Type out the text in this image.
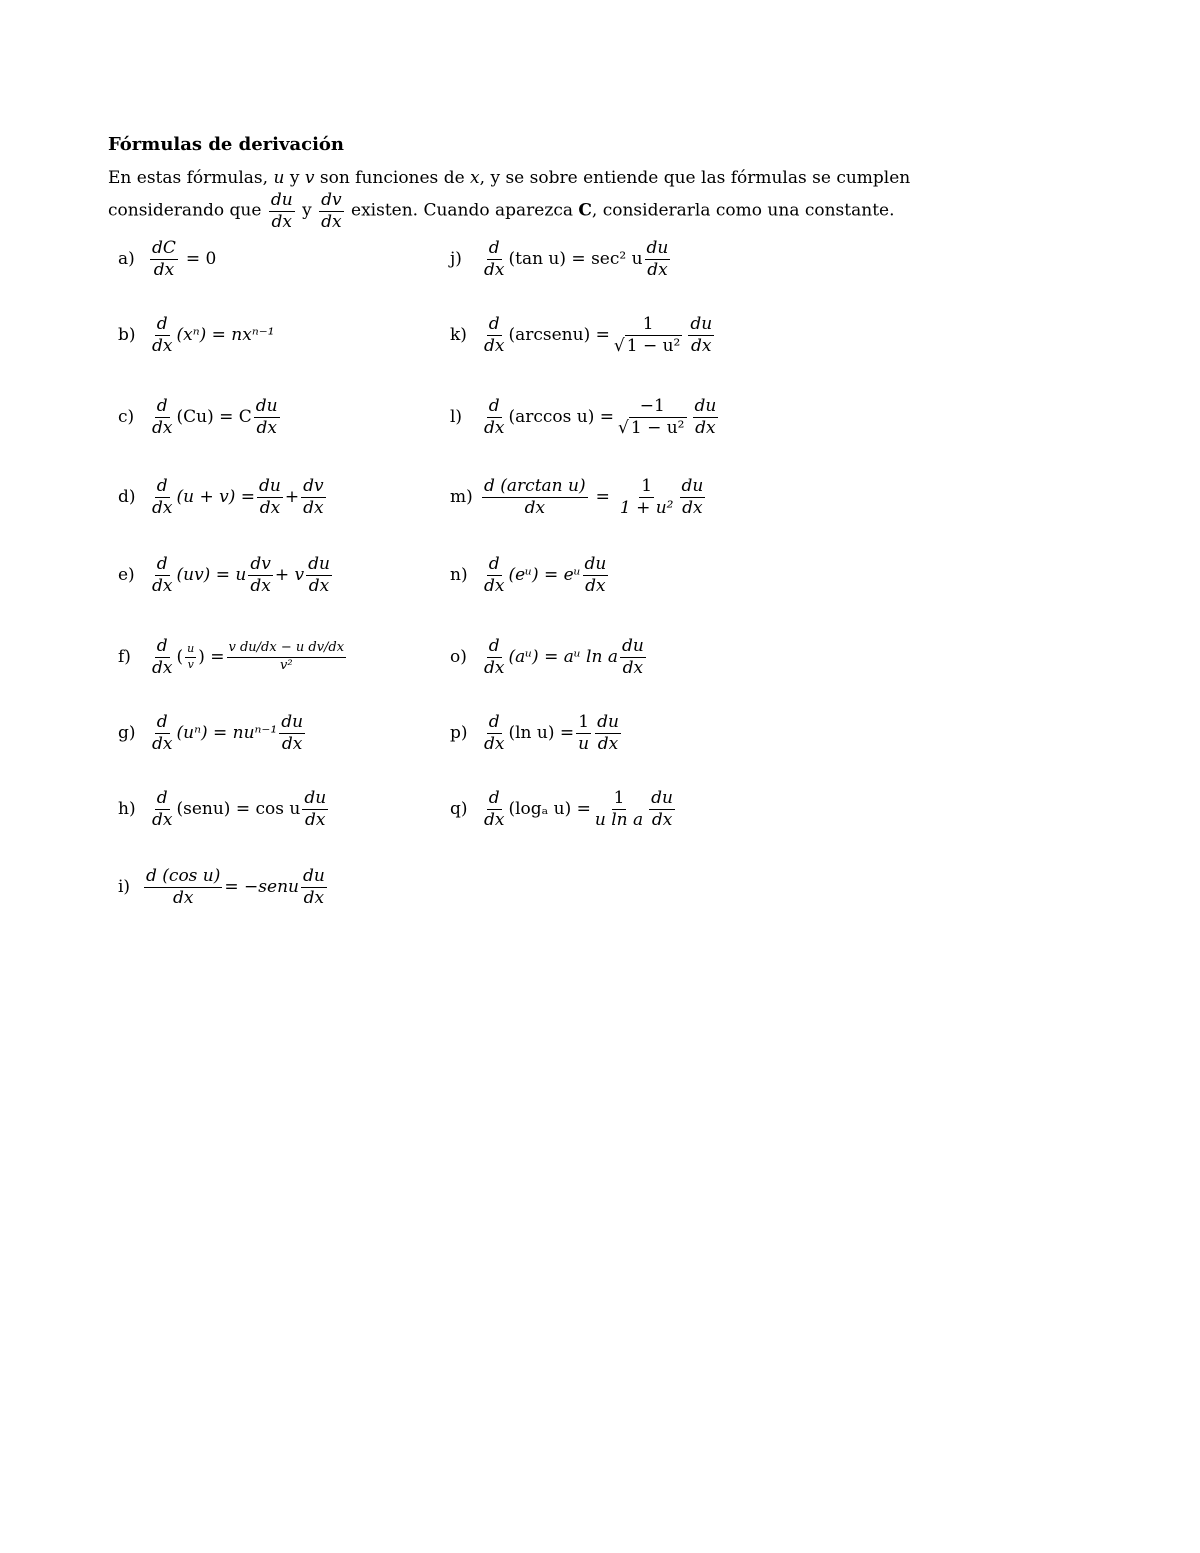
Fórmulas de derivación
En estas fórmulas, u y v son funciones de x, y se sobre entiende que las fórmulas se cumplen
considerando que $\frac{du}{dx}$ y $\frac{dv}{dx}$ existen. Cuando aparezca C, considerarla como una constante.
$a) \frac{dC}{dx} = 0$
$b) \frac{d}{dx} (x^n) = nx^{n-1}$
$c) \frac{d}{dx} (Cu) = C \frac{du}{dx}$
$d) \frac{d}{dx} (u + v) = \frac{du}{dx} + \frac{dv}{dx}$
$e) \frac{d}{dx} (uv) = u \frac{dv}{dx} + v \frac{du}{dx}$
f)	$\frac{d}{dx}$ ( $\frac{u}{v}$ ) = $\frac{\text{v du/dx − u dv/dx}}{\text{v²}}$
$g) \frac{d}{dx} (u^n) = nu^{n-1} \frac{du}{dx}$
$h) \frac{d}{dx}$ (senu) = cos u $\frac{du}{dx}$
$i) \frac{\text{d (cos u)}}{dx}$ = −senu $\frac{du}{dx}$
j)	$\frac{d}{dx} (\tan$ u) = sec² u $\frac{du}{dx}$
$k) \frac{d}{dx}$ (arcsenu) = $\frac{1}{\text{√ 1 − u²}} \frac{du}{dx}$
l)	$\frac{d}{dx} (\arccos$ $u) = \frac{-1}{\text{√ 1 − u²}} \frac{du}{dx}$
$m) \frac{\text{d (arctan u)}}{dx} = \frac{1}{\text{1 + u²}} \frac{du}{dx}$
$n) \frac{d}{dx}$ (eᵘ) = eᵘ $\frac{du}{dx}$
$o) \frac{d}{dx}$ (aᵘ) = aᵘ ln a $\frac{du}{dx}$
$p) \frac{d}{dx} (\ln$ $u) = \frac{1}{u} \frac{du}{dx}$
$q) \frac{d}{dx} (\log_a$ $u) = \frac{1}{\text{u ln a}} \frac{du}{dx}$
